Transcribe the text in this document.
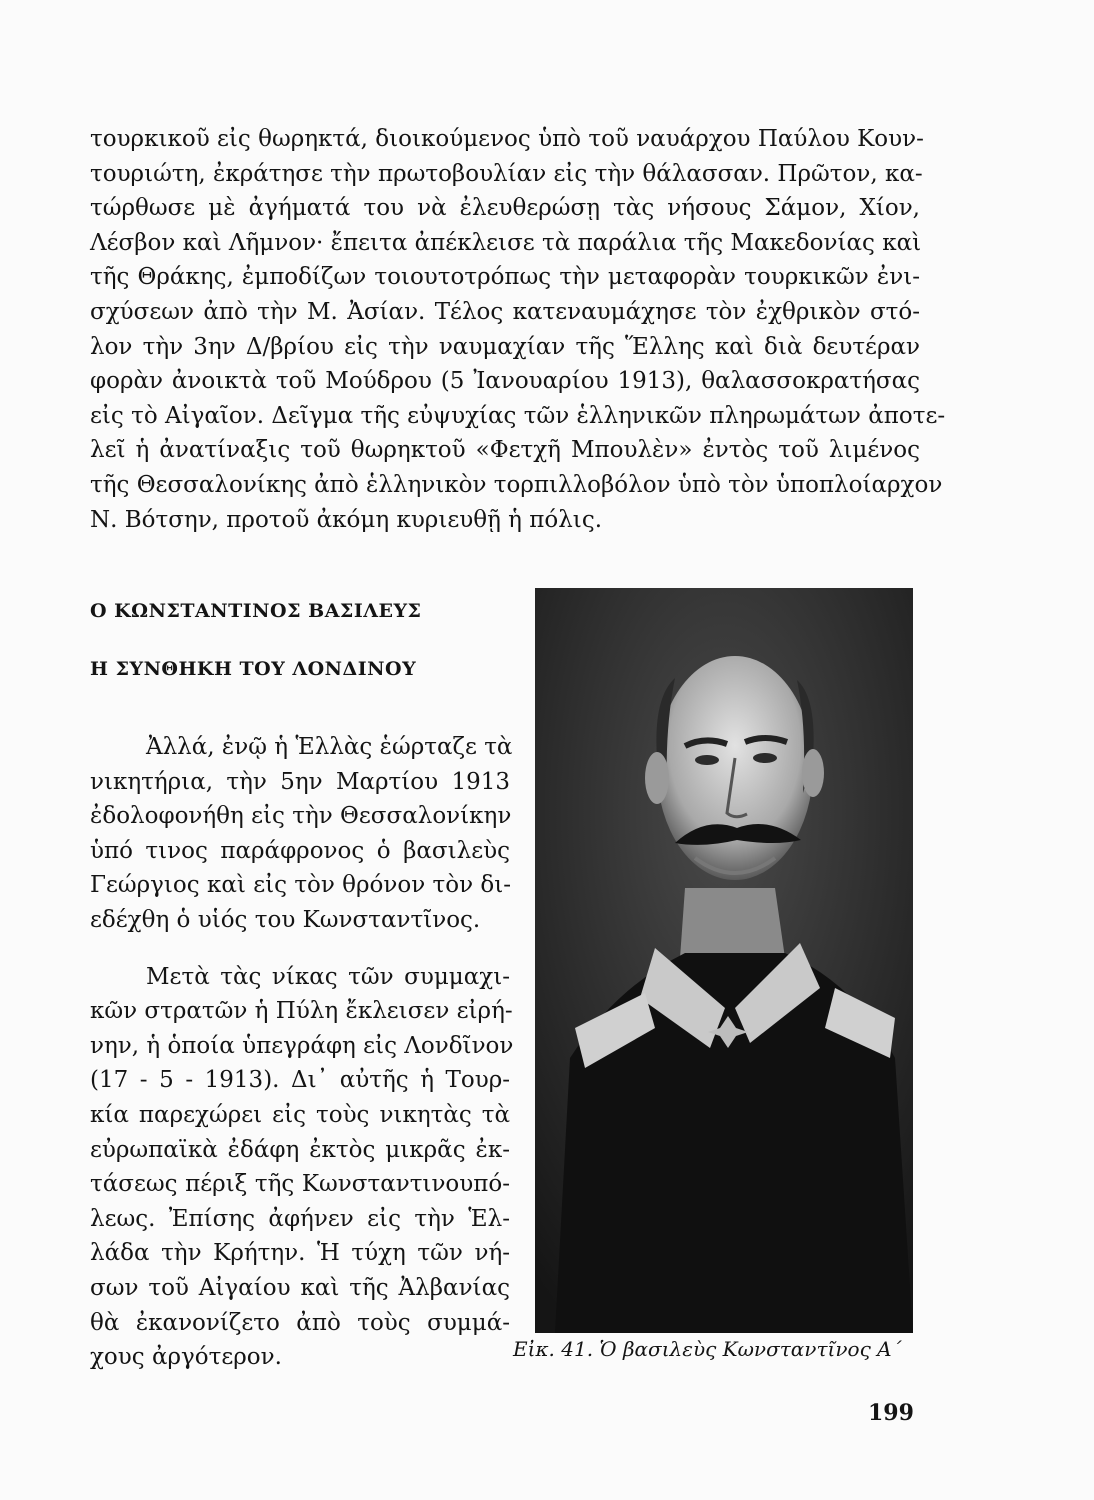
τουρκικοῦ εἰς θωρηκτά, διοικούμενος ὑπὸ τοῦ ναυάρχου Παύλου Κουν-
τουριώτη, ἐκράτησε τὴν πρωτοβουλίαν εἰς τὴν θάλασσαν. Πρῶτον, κα-
τώρθωσε μὲ ἀγήματά του νὰ ἐλευθερώσῃ τὰς νήσους Σάμον, Χίον,
Λέσβον καὶ Λῆμνον· ἔπειτα ἀπέκλεισε τὰ παράλια τῆς Μακεδονίας καὶ
τῆς Θράκης, ἐμποδίζων τοιουτοτρόπως τὴν μεταφορὰν τουρκικῶν ἐνι-
σχύσεων ἀπὸ τὴν Μ. Ἀσίαν. Τέλος κατεναυμάχησε τὸν ἐχθρικὸν στό-
λον τὴν 3ην Δ/βρίου εἰς τὴν ναυμαχίαν τῆς Ἕλλης καὶ διὰ δευτέραν
φορὰν ἀνοικτὰ τοῦ Μούδρου (5 Ἰανουαρίου 1913), θαλασσοκρατήσας
εἰς τὸ Αἰγαῖον. Δεῖγμα τῆς εὐψυχίας τῶν ἑλληνικῶν πληρωμάτων ἀποτε-
λεῖ ἡ ἀνατίναξις τοῦ θωρηκτοῦ «Φετχῆ Μπουλὲν» ἐντὸς τοῦ λιμένος
τῆς Θεσσαλονίκης ἀπὸ ἑλληνικὸν τορπιλλοβόλον ὑπὸ τὸν ὑποπλοίαρχον
Ν. Βότσην, προτοῦ ἀκόμη κυριευθῇ ἡ πόλις.
Ο ΚΩΝΣΤΑΝΤΙΝΟΣ ΒΑΣΙΛΕΥΣ
Η ΣΥΝΘΗΚΗ ΤΟΥ ΛΟΝΔΙΝΟΥ
Ἀλλά, ἐνῷ ἡ Ἑλλὰς ἑώρταζε τὰ
νικητήρια, τὴν 5ην Μαρτίου 1913
ἐδολοφονήθη εἰς τὴν Θεσσαλονίκην
ὑπό τινος παράφρονος ὁ βασιλεὺς
Γεώργιος καὶ εἰς τὸν θρόνον τὸν δι-
εδέχθη ὁ υἱός του Κωνσταντῖνος.
Μετὰ τὰς νίκας τῶν συμμαχι-
κῶν στρατῶν ἡ Πύλη ἔκλεισεν εἰρή-
νην, ἡ ὁποία ὑπεγράφη εἰς Λονδῖνον
(17 - 5 - 1913). Δι᾿ αὐτῆς ἡ Τουρ-
κία παρεχώρει εἰς τοὺς νικητὰς τὰ
εὐρωπαϊκὰ ἐδάφη ἐκτὸς μικρᾶς ἐκ-
τάσεως πέριξ τῆς Κωνσταντινουπό-
λεως. Ἐπίσης ἀφήνεν εἰς τὴν Ἑλ-
λάδα τὴν Κρήτην. Ἡ τύχη τῶν νή-
σων τοῦ Αἰγαίου καὶ τῆς Ἀλβανίας
θὰ ἐκανονίζετο ἀπὸ τοὺς συμμά-
χους ἀργότερον.	Εἰκ. 41. Ὁ βασιλεὺς Κωνσταντῖνος Α΄
199
